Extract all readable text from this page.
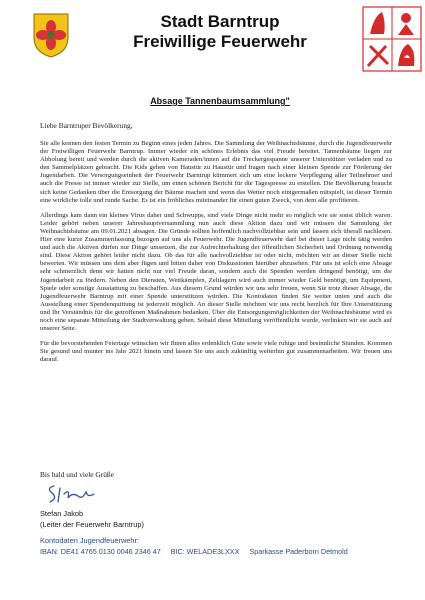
Stadt Barntrup
Freiwillige Feuerwehr
Absage Tannenbaumsammlung"
Liebe Barntruper Bevölkerung,

Sie alle kennen den festen Termin zu Beginn eines jeden Jahres. Die Sammlung der Weihnachtsbäume, durch die Jugendfeuerwehr der Freiwilligen Feuerwehr Barntrup. Immer wieder ein schönes Erlebnis das viel Freude bereitet. Tannenbäume liegen zur Abholung bereit und werden durch die aktiven Kameraden/innen auf die Treckergespanne unserer Unterstützer verladen und zu den Sammelplätzen gebracht. Die Kids gehen von Haustür zu Haustür und fragen nach einer kleinen Spende zur Förderung der Jugendarbeit. Die Versorgungseinheit der Feuerwehr Barntrup kümmert sich um eine leckere Verpflegung aller Teilnehmer und auch die Presse ist immer wieder zur Stelle, um einen schönen Bericht für die Tagespresse zu erstellen. Die Bevölkerung braucht sich keine Gedanken über die Entsorgung der Bäume machen und wenn das Wetter noch einigermaßen mitspielt, ist dieser Termin eine wirkliche tolle und runde Sache. Es ist ein fröhliches miteinander für einen guten Zweck, von dem alle profitieren.

Allerdings kam dann ein kleines Virus daher und Schwupps, sind viele Dinge nicht mehr so möglich wie sie sonst üblich waren. Leider gehört neben unserer Jahreshauptversammlung nun auch diese Aktion dazu und wir müssen die Sammlung der Weihnachtsbäume am 09.01.2021 absagen. Die Gründe sollten hoffentlich nachvollziehbar sein und lassen sich überall nachlesen. Hier eine kurze Zusammenfassung bezogen auf uns als Feuerwehr. Die Jugendfeuerwehr darf bei dieser Lage nicht tätig werden und auch die Aktiven dürfen nur Dinge umsetzen, die zur Aufrechterhaltung der öffentlichen Sicherheit und Ordnung notwendig sind. Diese Aktion gehört leider nicht dazu. Ob das für alle nachvollziehbar ist oder nicht, möchten wir an dieser Stelle nicht bewerten. Wir müssen uns dem aber fügen und bitten daher von Diskussionen hierüber abzusehen. Für uns ist solch eine Absage sehr schmerzlich denn wir hatten nicht nur viel Freude daran, sondern auch die Spenden werden dringend benötigt, um die Jugendarbeit zu fördern. Neben den Diensten, Wettkämpfen, Zeltlagern wird auch immer wieder Geld benötigt, um Equipment, Spiele oder sonstige Ausstattung zu beschaffen. Aus diesem Grund würden wir uns sehr freuen, wenn Sie trotz dieser Absage, die Jugendfeuerwehr Barntrup mit einer Spende unterstützen würden. Die Kontodaten finden Sie weiter unten und auch die Ausstellung einer Spendenquittung ist jederzeit möglich. An dieser Stelle möchten wir uns recht herzlich für Ihre Unterstützung und Ihr Verständnis für die getroffenen Maßnahmen bedanken. Über die Entsorgungsmöglichkeiten der Weihnachtsbäume wird es noch eine separate Mitteilung der Stadtverwaltung geben. Sobald diese Mitteilung veröffentlicht wurde, verlinken wir sie auch auf unserer Seite.

Für die bevorstehenden Feiertage wünschen wir Ihnen alles erdenklich Gute sowie viele ruhige und besinnliche Stunden. Kommen Sie gesund und munter ins Jahr 2021 hinein und lassen Sie uns auch zukünftig weiterhin gut zusammenarbeiten. Wir freuen uns darauf.

Bis bald und viele Grüße
Stefan Jakob
(Leiter der Feuerwehr Barntrup)
Kontodaten Jugendfeuerwehr:
IBAN: DE41 4765 0130 0046 2346 47 BIC: WELADE3LXXX Sparkasse Paderborn Detmold
